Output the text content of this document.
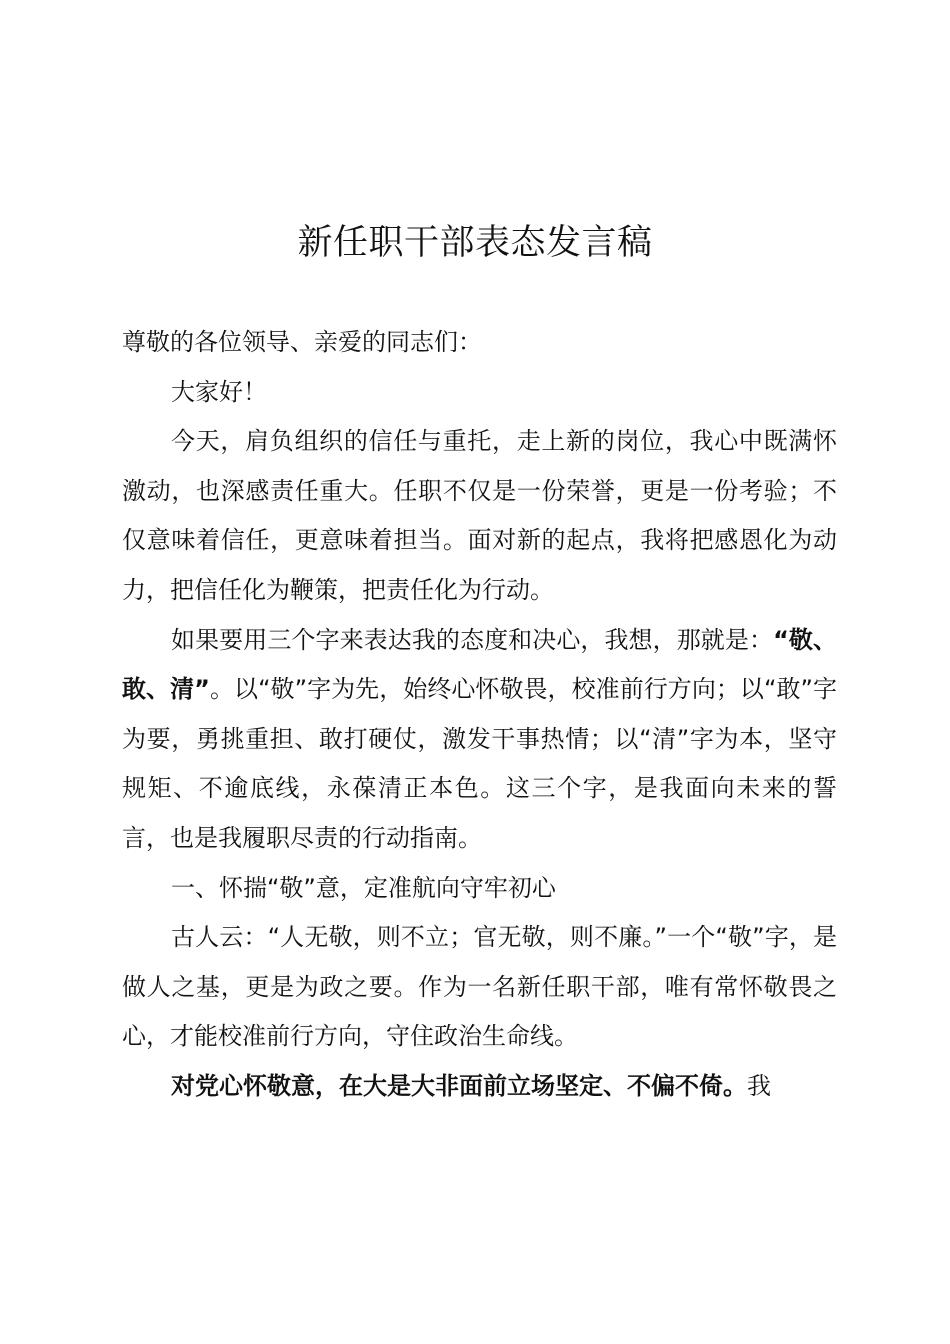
新任职干部表态发言稿

尊敬的各位领导、亲爱的同志们：

大家好！

今天，肩负组织的信任与重托，走上新的岗位，我心中既满怀激动，也深感责任重大。任职不仅是一份荣誉，更是一份考验；不仅意味着信任，更意味着担当。面对新的起点，我将把感恩化为动力，把信任化为鞭策，把责任化为行动。

如果要用三个字来表达我的态度和决心，我想，那就是：“敬、敢、清”。以“敬”字为先，始终心怀敬畏，校准前行方向；以“敢”字为要，勇挑重担、敢打硬仗，激发干事热情；以“清”字为本，坚守规矩、不逾底线，永葆清正本色。这三个字，是我面向未来的誓言，也是我履职尽责的行动指南。

一、怀揣“敬”意，定准航向守牢初心

古人云：“人无敬，则不立；官无敬，则不廉。”一个“敬”字，是做人之基，更是为政之要。作为一名新任职干部，唯有常怀敬畏之心，才能校准前行方向，守住政治生命线。

对党心怀敬意，在大是大非面前立场坚定、不偏不倚。我
